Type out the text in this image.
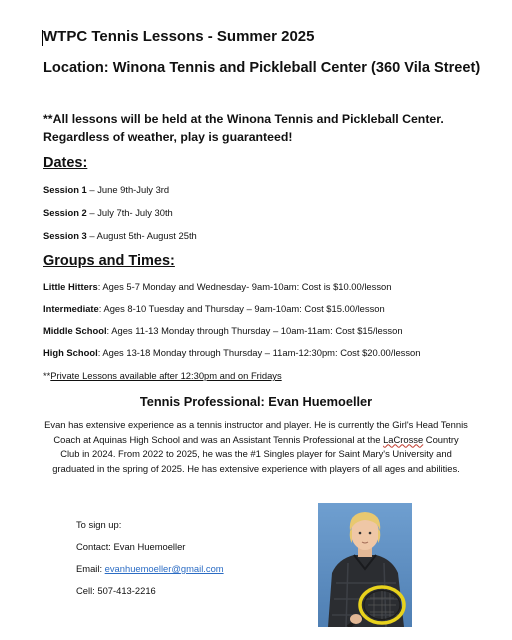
WTPC Tennis Lessons - Summer 2025
Location: Winona Tennis and Pickleball Center (360 Vila Street)
**All lessons will be held at the Winona Tennis and Pickleball Center. Regardless of weather, play is guaranteed!
Dates:
Session 1 – June 9th-July 3rd
Session 2 – July 7th- July 30th
Session 3 – August 5th- August 25th
Groups and Times:
Little Hitters: Ages 5-7 Monday and Wednesday- 9am-10am: Cost is $10.00/lesson
Intermediate: Ages 8-10 Tuesday and Thursday – 9am-10am: Cost $15.00/lesson
Middle School: Ages 11-13 Monday through Thursday – 10am-11am: Cost $15/lesson
High School: Ages 13-18 Monday through Thursday – 11am-12:30pm: Cost $20.00/lesson
**Private Lessons available after 12:30pm and on Fridays
Tennis Professional: Evan Huemoeller
Evan has extensive experience as a tennis instructor and player. He is currently the Girl's Head Tennis Coach at Aquinas High School and was an Assistant Tennis Professional at the LaCrosse Country Club in 2024. From 2022 to 2025, he was the #1 Singles player for Saint Mary's University and graduated in the spring of 2025. He has extensive experience with players of all ages and abilities.
To sign up:
Contact: Evan Huemoeller
Email: evanhuemoeller@gmail.com
Cell: 507-413-2216
